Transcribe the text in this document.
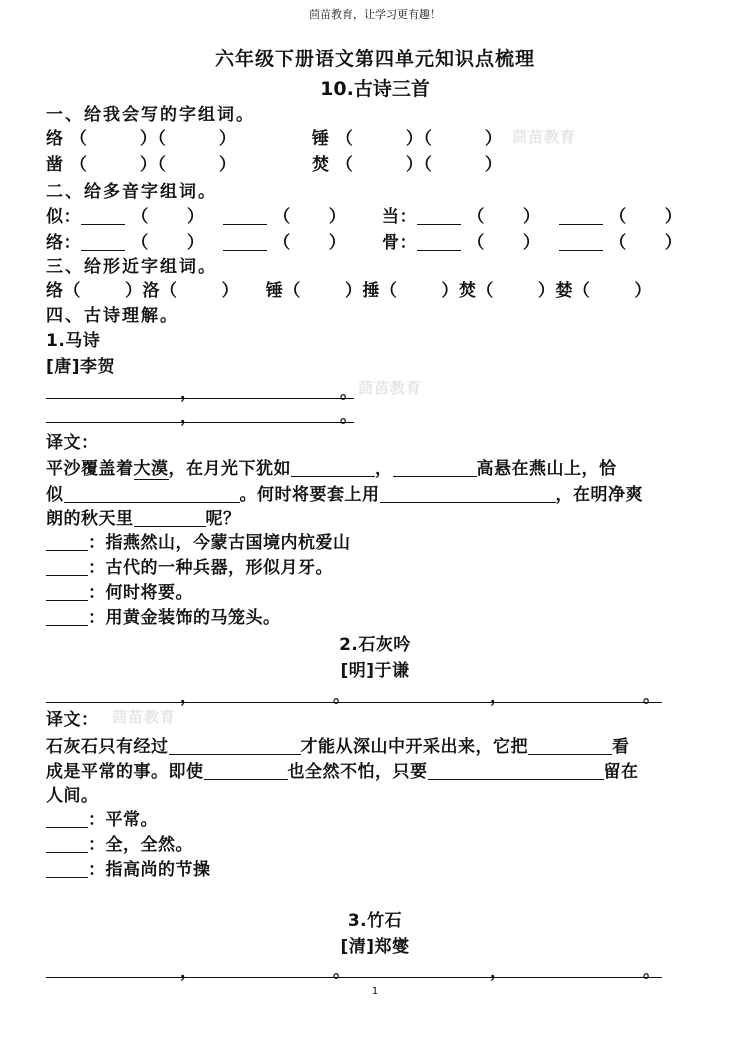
茴苗教育，让学习更有趣！
六年级下册语文第四单元知识点梳理
10.古诗三首
一、给我会写的字组词。
络 （　　　）（　　　）	锤 （　　　）（　　　） 茴苗教育
凿 （　　　）（　　　）	焚 （　　　）（　　　）
二、给多音字组词。
似：	（ ）	（ ） 当：	（ ）	（ ）
络：	（ ）	（ ） 骨：	（ ）	（ ）
三、给形近字组词。
络（	）洛（	） 锤（	）捶（	）焚（	）婪（	）
四、古诗理解。
1.马诗
[唐]李贺
，	。 茴苗教育
，	。
译文：
平沙覆盖着大漠，在月光下犹如	，	高悬在燕山上，恰
似	。何时将要套上用	，在明净爽
朗的秋天里	呢？
：指燕然山，今蒙古国境内杭爱山
：古代的一种兵器，形似月牙。
：何时将要。
：用黄金装饰的马笼头。
2.石灰吟
[明]于谦
，	。	，	。
译文： 茴苗教育
石灰石只有经过	才能从深山中开采出来，它把	看
成是平常的事。即使	也全然不怕，只要	留在
人间。
：平常。
：全，全然。
：指高尚的节操
3.竹石
[清]郑燮
，	。	，	。
1
